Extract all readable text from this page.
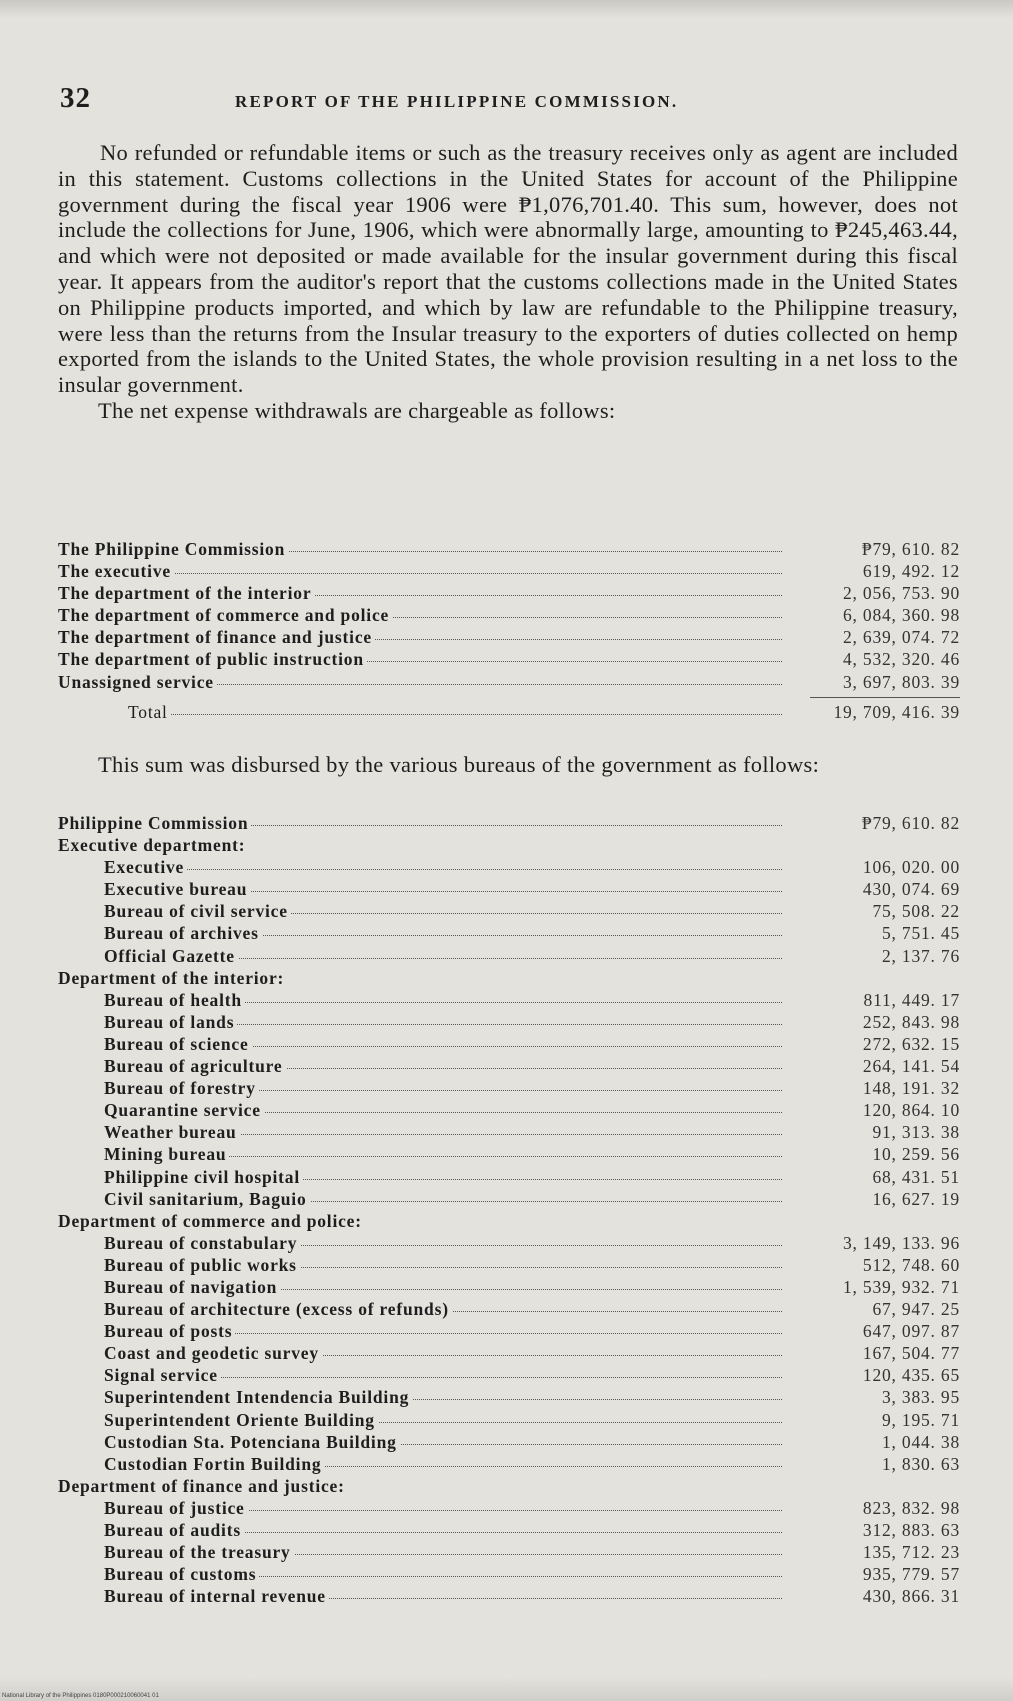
32	REPORT OF THE PHILIPPINE COMMISSION.

No refunded or refundable items or such as the treasury receives only as agent are included in this statement. Customs collections in the United States for account of the Philippine government during the fiscal year 1906 were ₱1,076,701.40. This sum, however, does not include the collections for June, 1906, which were abnormally large, amounting to ₱245,463.44, and which were not deposited or made available for the insular government during this fiscal year. It appears from the auditor's report that the customs collections made in the United States on Philippine products imported, and which by law are refundable to the Philippine treasury, were less than the returns from the Insular treasury to the exporters of duties collected on hemp exported from the islands to the United States, the whole provision resulting in a net loss to the insular government.

The net expense withdrawals are chargeable as follows:

The Philippine Commission	₱79, 610. 82
The executive	619, 492. 12
The department of the interior	2, 056, 753. 90
The department of commerce and police	6, 084, 360. 98
The department of finance and justice	2, 639, 074. 72
The department of public instruction	4, 532, 320. 46
Unassigned service	3, 697, 803. 39
Total	19, 709, 416. 39

This sum was disbursed by the various bureaus of the government as follows:

Philippine Commission	₱79, 610. 82
Executive department:
Executive	106, 020. 00
Executive bureau	430, 074. 69
Bureau of civil service	75, 508. 22
Bureau of archives	5, 751. 45
Official Gazette	2, 137. 76
Department of the interior:
Bureau of health	811, 449. 17
Bureau of lands	252, 843. 98
Bureau of science	272, 632. 15
Bureau of agriculture	264, 141. 54
Bureau of forestry	148, 191. 32
Quarantine service	120, 864. 10
Weather bureau	91, 313. 38
Mining bureau	10, 259. 56
Philippine civil hospital	68, 431. 51
Civil sanitarium, Baguio	16, 627. 19
Department of commerce and police:
Bureau of constabulary	3, 149, 133. 96
Bureau of public works	512, 748. 60
Bureau of navigation	1, 539, 932. 71
Bureau of architecture (excess of refunds)	67, 947. 25
Bureau of posts	647, 097. 87
Coast and geodetic survey	167, 504. 77
Signal service	120, 435. 65
Superintendent Intendencia Building	3, 383. 95
Superintendent Oriente Building	9, 195. 71
Custodian Sta. Potenciana Building	1, 044. 38
Custodian Fortin Building	1, 830. 63
Department of finance and justice:
Bureau of justice	823, 832. 98
Bureau of audits	312, 883. 63
Bureau of the treasury	135, 712. 23
Bureau of customs	935, 779. 57
Bureau of internal revenue	430, 866. 31
National Library of the Philippines 0180P000210060041 01
